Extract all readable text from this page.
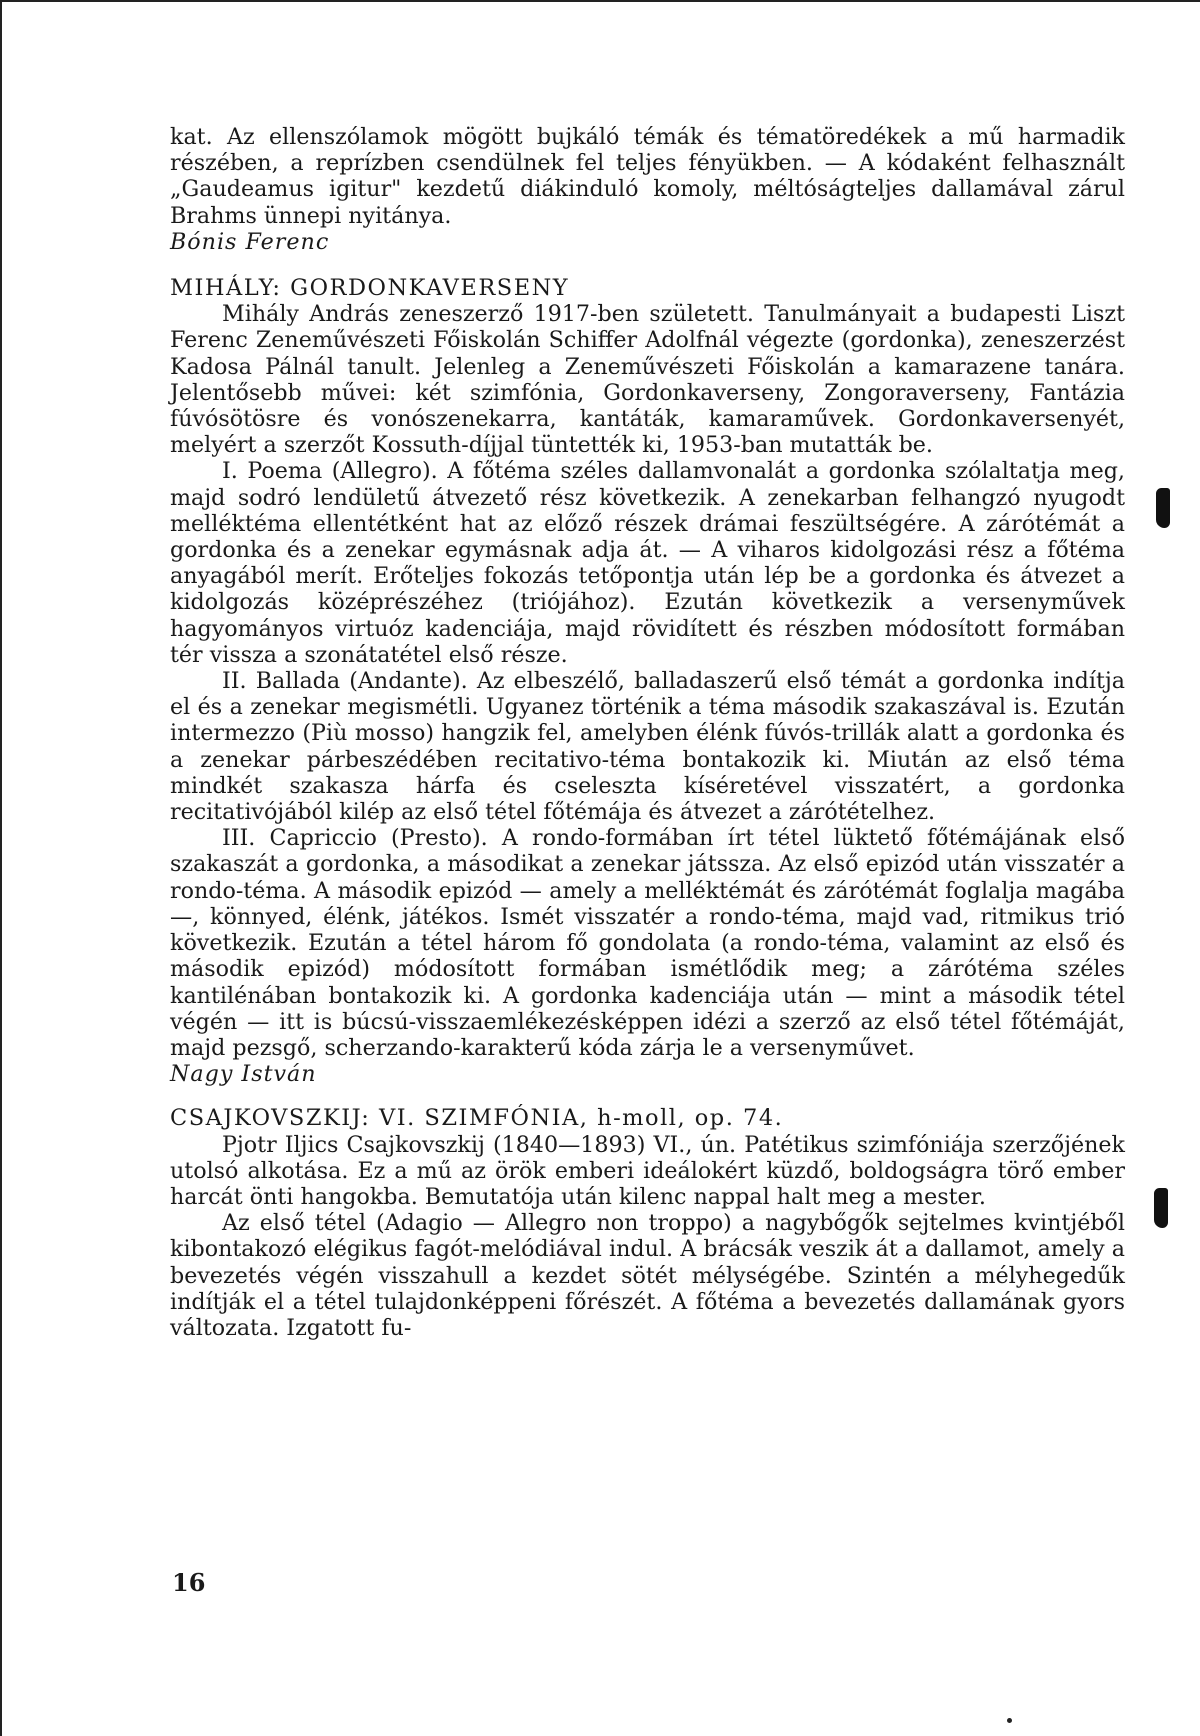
kat. Az ellenszólamok mögött bujkáló témák és tématöredékek a mű harmadik részében, a reprízben csendülnek fel teljes fényükben. — A kódaként felhasznált „Gaudeamus igitur" kezdetű diákinduló komoly, méltóságteljes dallamával zárul Brahms ünnepi nyitánya.

Bónis Ferenc

MIHÁLY: GORDONKAVERSENY

Mihály András zeneszerző 1917-ben született. Tanulmányait a budapesti Liszt Ferenc Zeneművészeti Főiskolán Schiffer Adolfnál végezte (gordonka), zeneszerzést Kadosa Pálnál tanult. Jelenleg a Zeneművészeti Főiskolán a kamarazene tanára. Jelentősebb művei: két szimfónia, Gordonkaverseny, Zongoraverseny, Fantázia fúvósötösre és vonószenekarra, kantáták, kamaraművek. Gordonkaversenyét, melyért a szerzőt Kossuth-díjjal tüntették ki, 1953-ban mutatták be.

I. Poema (Allegro). A főtéma széles dallamvonalát a gordonka szólaltatja meg, majd sodró lendületű átvezető rész következik. A zenekarban felhangzó nyugodt melléktéma ellentétként hat az előző részek drámai feszültségére. A zárótémát a gordonka és a zenekar egymásnak adja át. — A viharos kidolgozási rész a főtéma anyagából merít. Erőteljes fokozás tetőpontja után lép be a gordonka és átvezet a kidolgozás középrészéhez (triójához). Ezután következik a versenyművek hagyományos virtuóz kadenciája, majd rövidített és részben módosított formában tér vissza a szonátatétel első része.

II. Ballada (Andante). Az elbeszélő, balladaszerű első témát a gordonka indítja el és a zenekar megismétli. Ugyanez történik a téma második szakaszával is. Ezután intermezzo (Più mosso) hangzik fel, amelyben élénk fúvós-trillák alatt a gordonka és a zenekar párbeszédében recitativo-téma bontakozik ki. Miután az első téma mindkét szakasza hárfa és cseleszta kíséretével visszatért, a gordonka recitativójából kilép az első tétel főtémája és átvezet a zárótételhez.

III. Capriccio (Presto). A rondo-formában írt tétel lüktető főtémájának első szakaszát a gordonka, a másodikat a zenekar játssza. Az első epizód után visszatér a rondo-téma. A második epizód — amely a melléktémát és zárótémát foglalja magába —, könnyed, élénk, játékos. Ismét visszatér a rondo-téma, majd vad, ritmikus trió következik. Ezután a tétel három fő gondolata (a rondo-téma, valamint az első és második epizód) módosított formában ismétlődik meg; a zárótéma széles kantilénában bontakozik ki. A gordonka kadenciája után — mint a második tétel végén — itt is búcsú-visszaemlékezésképpen idézi a szerző az első tétel főtémáját, majd pezsgő, scherzando-karakterű kóda zárja le a versenyművet.

Nagy István

CSAJKOVSZKIJ: VI. SZIMFÓNIA, h-moll, op. 74.

Pjotr Iljics Csajkovszkij (1840—1893) VI., ún. Patétikus szimfóniája szerzőjének utolsó alkotása. Ez a mű az örök emberi ideálokért küzdő, boldogságra törő ember harcát önti hangokba. Bemutatója után kilenc nappal halt meg a mester.

Az első tétel (Adagio — Allegro non troppo) a nagybőgők sejtelmes kvintjéből kibontakozó elégikus fagót-melódiával indul. A brácsák veszik át a dallamot, amely a bevezetés végén visszahull a kezdet sötét mélységébe. Szintén a mélyhegedűk indítják el a tétel tulajdonképpeni főrészét. A főtéma a bevezetés dallamának gyors változata. Izgatott fu-

16
